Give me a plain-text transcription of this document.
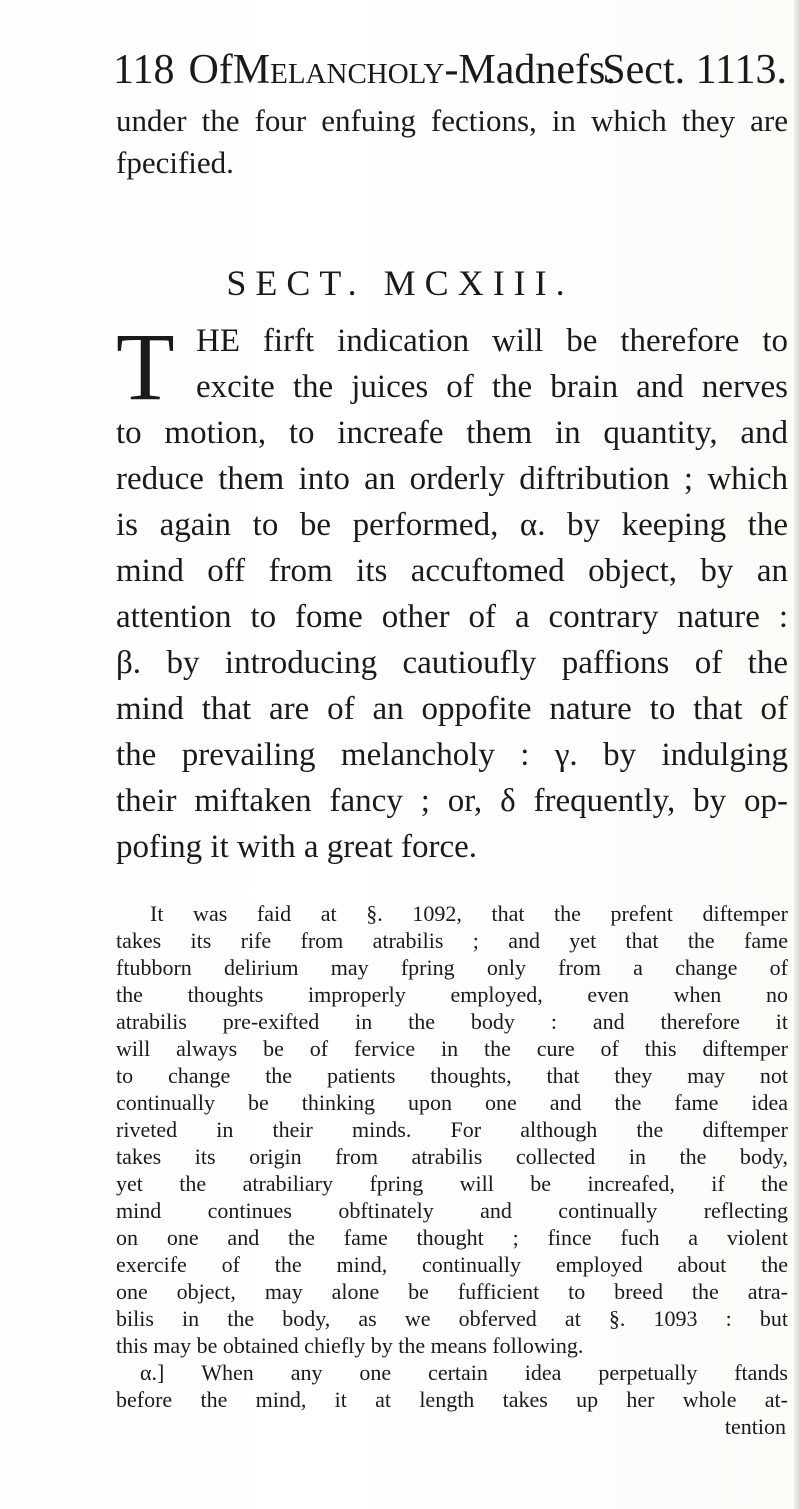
118 OfMelancholy-Madnefs.
Sect. 1113.
under the four enfuing fections, in which they are
fpecified.
SECT. MCXIII.
T HE firft indication will be therefore to
excite the juices of the brain and nerves
to motion, to increafe them in quantity, and
reduce them into an orderly diftribution ; which
is again to be performed, α. by keeping the
mind off from its accuftomed object, by an
attention to fome other of a contrary nature :
β. by introducing cautioufly paffions of the
mind that are of an oppofite nature to that of
the prevailing melancholy : γ. by indulging
their miftaken fancy ; or, δ frequently, by op-
pofing it with a great force.
It was faid at §. 1092, that the prefent diftemper
takes its rife from atrabilis ; and yet that the fame
ftubborn delirium may fpring only from a change of
the thoughts improperly employed, even when no
atrabilis pre-exifted in the body : and therefore it
will always be of fervice in the cure of this diftemper
to change the patients thoughts, that they may not
continually be thinking upon one and the fame idea
riveted in their minds. For although the diftemper
takes its origin from atrabilis collected in the body,
yet the atrabiliary fpring will be increafed, if the
mind continues obftinately and continually reflecting
on one and the fame thought ; fince fuch a violent
exercife of the mind, continually employed about the
one object, may alone be fufficient to breed the atra-
bilis in the body, as we obferved at §. 1093 : but
this may be obtained chiefly by the means following.
α.] When any one certain idea perpetually ftands
before the mind, it at length takes up her whole at-
tention
